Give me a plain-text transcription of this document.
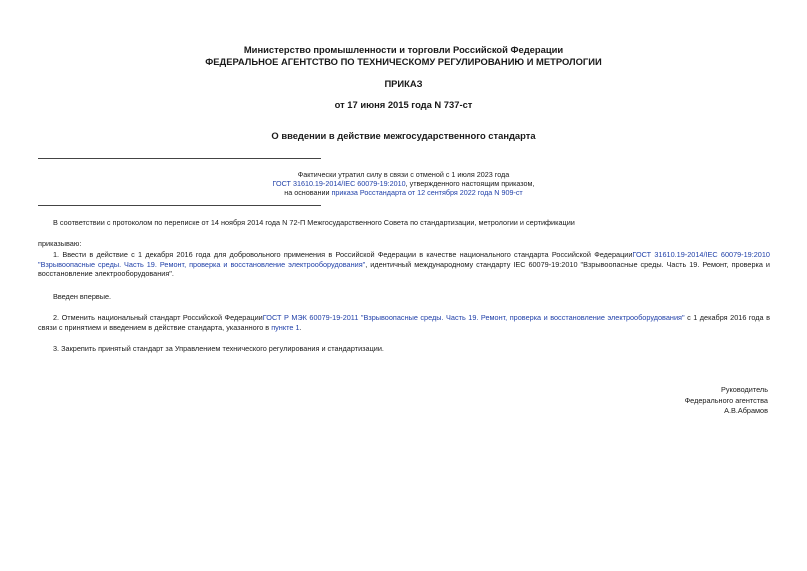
Министерство промышленности и торговли Российской Федерации
ФЕДЕРАЛЬНОЕ АГЕНТСТВО ПО ТЕХНИЧЕСКОМУ РЕГУЛИРОВАНИЮ И МЕТРОЛОГИИ
ПРИКАЗ
от 17 июня 2015 года N 737-ст
О введении в действие межгосударственного стандарта
Фактически утратил силу в связи с отменой с 1 июля 2023 года
ГОСТ 31610.19-2014/IEC 60079-19:2010, утвержденного настоящим приказом,
на основании приказа Росстандарта от 12 сентября 2022 года N 909-ст
В соответствии с протоколом по переписке от 14 ноября 2014 года N 72-П Межгосударственного Совета по стандартизации, метрологии и сертификации
приказываю:
1. Ввести в действие с 1 декабря 2016 года для добровольного применения в Российской Федерации в качестве национального стандарта Российской ФедерацииГОСТ 31610.19-2014/IEC 60079-19:2010 "Взрывоопасные среды. Часть 19. Ремонт, проверка и восстановление электрооборудования", идентичный международному стандарту IEC 60079-19:2010 "Взрывоопасные среды. Часть 19. Ремонт, проверка и восстановление электрооборудования".
Введен впервые.
2. Отменить национальный стандарт Российской ФедерацииГОСТ Р МЭК 60079-19-2011 "Взрывоопасные среды. Часть 19. Ремонт, проверка и восстановление электрооборудования" с 1 декабря 2016 года в связи с принятием и введением в действие стандарта, указанного в пункте 1.
3. Закрепить принятый стандарт за Управлением технического регулирования и стандартизации.
Руководитель
Федерального агентства
А.В.Абрамов
